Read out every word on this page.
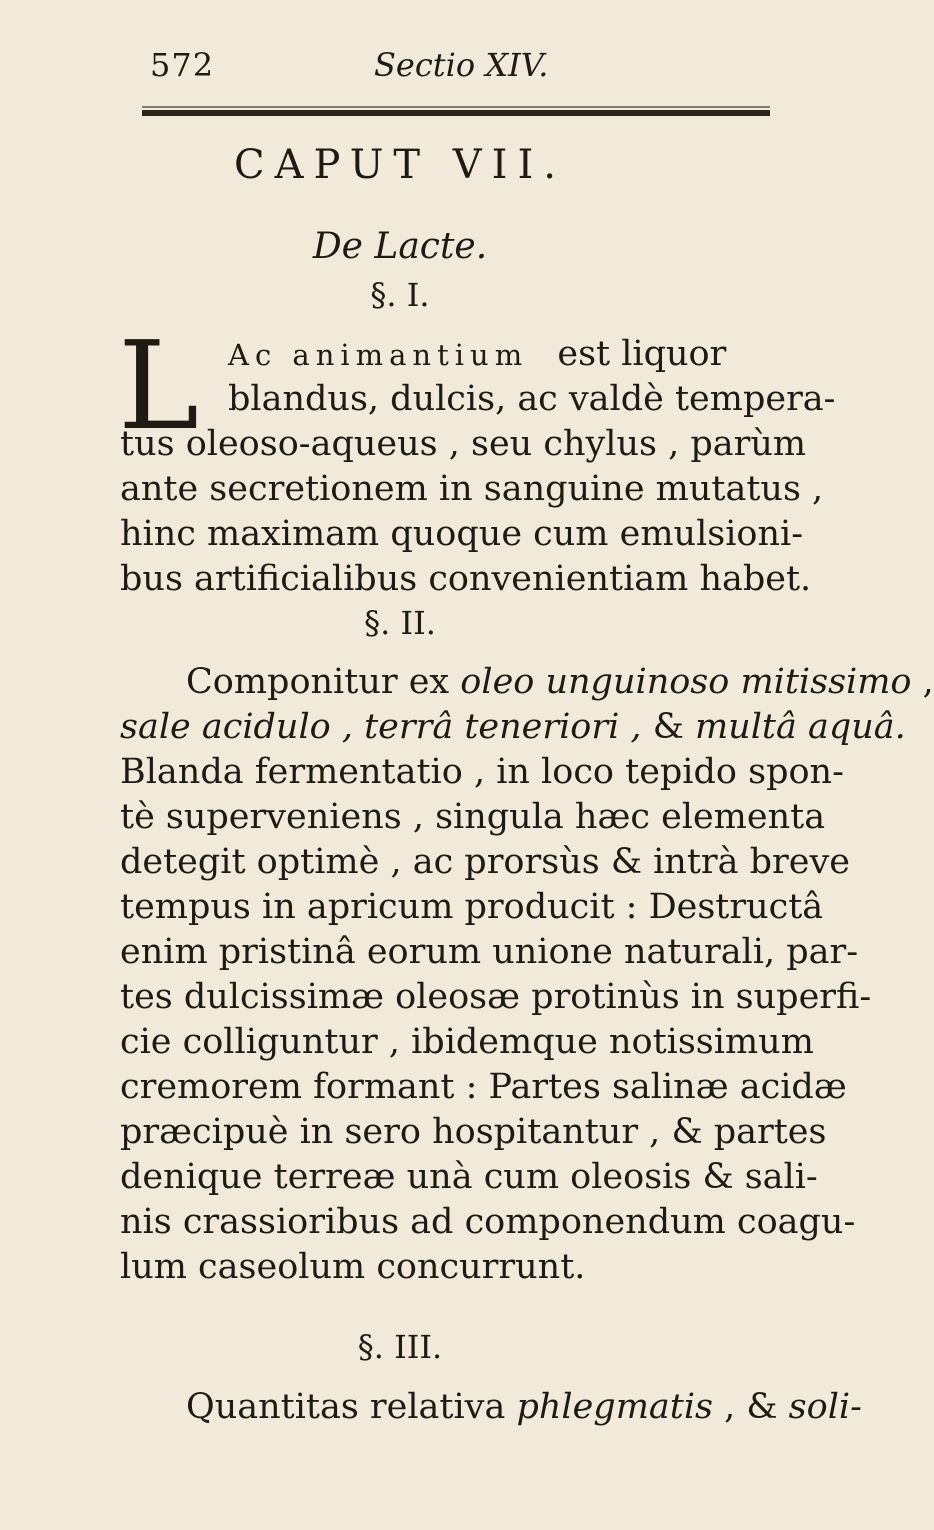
572	Sectio XIV.
CAPUT VII.
De Lacte.
§. I.
L Ac animantium est liquor
blandus, dulcis, ac valdè tempera-
tus oleoso-aqueus , seu chylus , parùm
ante secretionem in sanguine mutatus ,
hinc maximam quoque cum emulsioni-
bus artificialibus convenientiam habet.
§. II.
Componitur ex oleo unguinoso mitissimo ,
sale acidulo , terrâ teneriori , & multâ aquâ.
Blanda fermentatio , in loco tepido spon-
tè superveniens , singula hæc elementa
detegit optimè , ac prorsùs & intrà breve
tempus in apricum producit : Destructâ
enim pristinâ eorum unione naturali, par-
tes dulcissimæ oleosæ protinùs in superfi-
cie colliguntur , ibidemque notissimum
cremorem formant : Partes salinæ acidæ
præcipuè in sero hospitantur , & partes
denique terreæ unà cum oleosis & sali-
nis crassioribus ad componendum coagu-
lum caseolum concurrunt.
§. III.
Quantitas relativa phlegmatis , & soli-
